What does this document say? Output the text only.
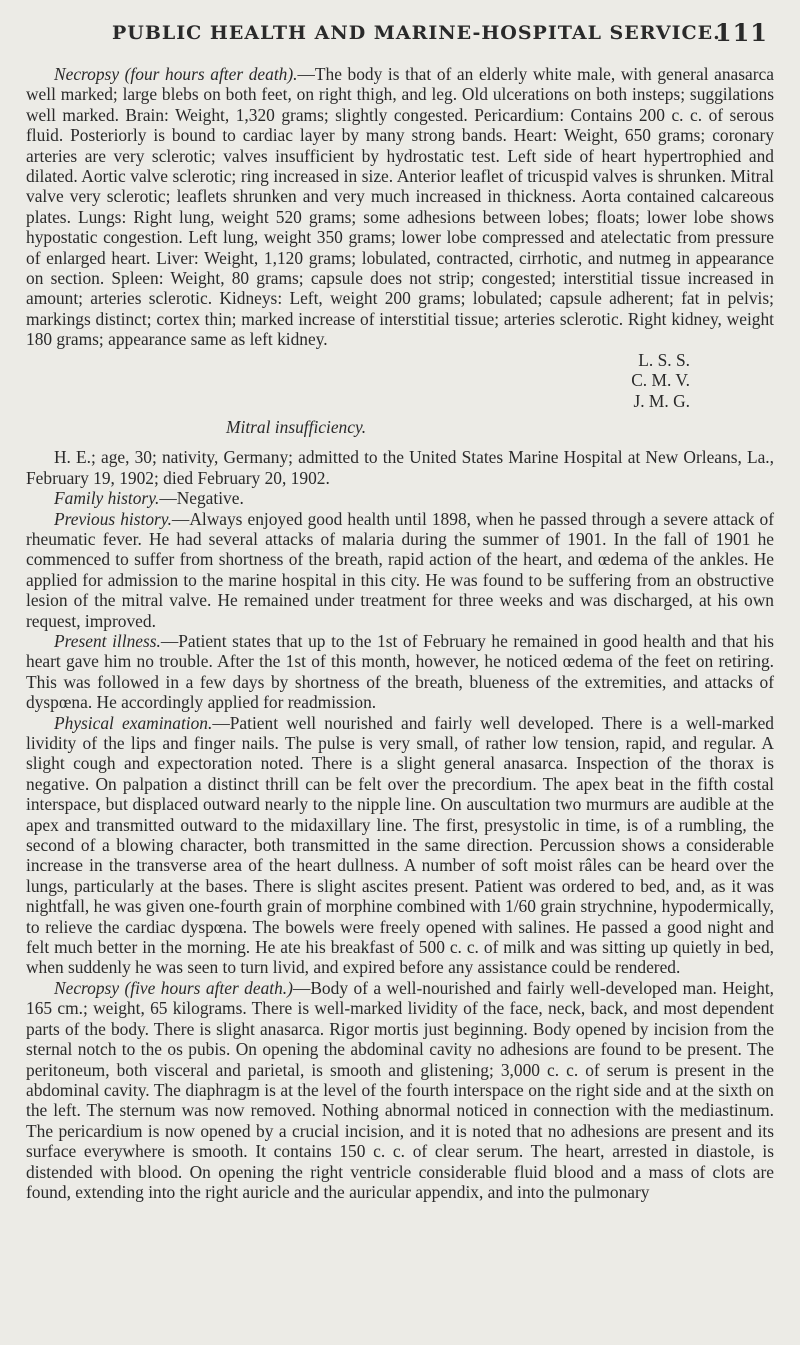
PUBLIC HEALTH AND MARINE-HOSPITAL SERVICE.
111

Necropsy (four hours after death).—The body is that of an elderly white male, with general anasarca well marked; large blebs on both feet, on right thigh, and leg. Old ulcerations on both insteps; suggilations well marked. Brain: Weight, 1,320 grams; slightly congested. Pericardium: Contains 200 c. c. of serous fluid. Posteriorly is bound to cardiac layer by many strong bands. Heart: Weight, 650 grams; coronary arteries are very sclerotic; valves insufficient by hydrostatic test. Left side of heart hypertrophied and dilated. Aortic valve sclerotic; ring increased in size. Anterior leaflet of tricuspid valves is shrunken. Mitral valve very sclerotic; leaflets shrunken and very much increased in thickness. Aorta contained calcareous plates. Lungs: Right lung, weight 520 grams; some adhesions between lobes; floats; lower lobe shows hypostatic congestion. Left lung, weight 350 grams; lower lobe compressed and atelectatic from pressure of enlarged heart. Liver: Weight, 1,120 grams; lobulated, contracted, cirrhotic, and nutmeg in appearance on section. Spleen: Weight, 80 grams; capsule does not strip; congested; interstitial tissue increased in amount; arteries sclerotic. Kidneys: Left, weight 200 grams; lobulated; capsule adherent; fat in pelvis; markings distinct; cortex thin; marked increase of interstitial tissue; arteries sclerotic. Right kidney, weight 180 grams; appearance same as left kidney.

L. S. S.
C. M. V.
J. M. G.
Mitral insufficiency.

H. E.; age, 30; nativity, Germany; admitted to the United States Marine Hospital at New Orleans, La., February 19, 1902; died February 20, 1902.

Family history.—Negative.

Previous history.—Always enjoyed good health until 1898, when he passed through a severe attack of rheumatic fever. He had several attacks of malaria during the summer of 1901. In the fall of 1901 he commenced to suffer from shortness of the breath, rapid action of the heart, and œdema of the ankles. He applied for admission to the marine hospital in this city. He was found to be suffering from an obstructive lesion of the mitral valve. He remained under treatment for three weeks and was discharged, at his own request, improved.

Present illness.—Patient states that up to the 1st of February he remained in good health and that his heart gave him no trouble. After the 1st of this month, however, he noticed œdema of the feet on retiring. This was followed in a few days by shortness of the breath, blueness of the extremities, and attacks of dyspœna. He accordingly applied for readmission.

Physical examination.—Patient well nourished and fairly well developed. There is a well-marked lividity of the lips and finger nails. The pulse is very small, of rather low tension, rapid, and regular. A slight cough and expectoration noted. There is a slight general anasarca. Inspection of the thorax is negative. On palpation a distinct thrill can be felt over the precordium. The apex beat in the fifth costal interspace, but displaced outward nearly to the nipple line. On auscultation two murmurs are audible at the apex and transmitted outward to the midaxillary line. The first, presystolic in time, is of a rumbling, the second of a blowing character, both transmitted in the same direction. Percussion shows a considerable increase in the transverse area of the heart dullness. A number of soft moist râles can be heard over the lungs, particularly at the bases. There is slight ascites present. Patient was ordered to bed, and, as it was nightfall, he was given one-fourth grain of morphine combined with 1/60 grain strychnine, hypodermically, to relieve the cardiac dyspœna. The bowels were freely opened with salines. He passed a good night and felt much better in the morning. He ate his breakfast of 500 c. c. of milk and was sitting up quietly in bed, when suddenly he was seen to turn livid, and expired before any assistance could be rendered.

Necropsy (five hours after death.)—Body of a well-nourished and fairly well-developed man. Height, 165 cm.; weight, 65 kilograms. There is well-marked lividity of the face, neck, back, and most dependent parts of the body. There is slight anasarca. Rigor mortis just beginning. Body opened by incision from the sternal notch to the os pubis. On opening the abdominal cavity no adhesions are found to be present. The peritoneum, both visceral and parietal, is smooth and glistening; 3,000 c. c. of serum is present in the abdominal cavity. The diaphragm is at the level of the fourth interspace on the right side and at the sixth on the left. The sternum was now removed. Nothing abnormal noticed in connection with the mediastinum. The pericardium is now opened by a crucial incision, and it is noted that no adhesions are present and its surface everywhere is smooth. It contains 150 c. c. of clear serum. The heart, arrested in diastole, is distended with blood. On opening the right ventricle considerable fluid blood and a mass of clots are found, extending into the right auricle and the auricular appendix, and into the pulmonary
